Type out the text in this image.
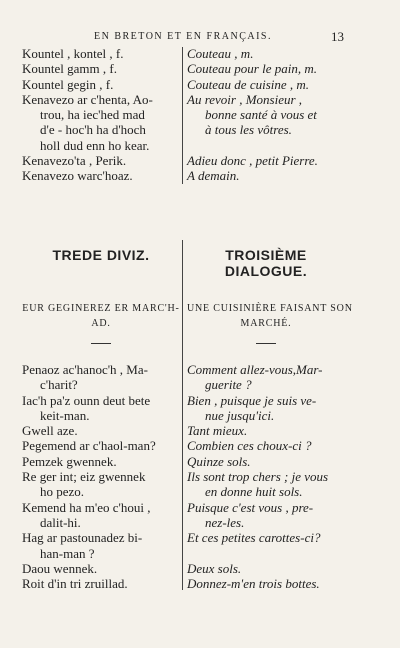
EN BRETON ET EN FRANÇAIS.	13
Kountel , kontel , f.
Kountel gamm , f.
Kountel gegin , f.
Kenavezo ar c'henta, Ao-
trou, ha iec'hed mad
d'e - hoc'h ha d'hoch
holl dud enn ho kear.
Kenavezo'ta , Perik.
Kenavezo warc'hoaz.
Couteau , m.
Couteau pour le pain, m.
Couteau de cuisine , m.
Au revoir , Monsieur ,
bonne santé à vous et
à tous les vôtres.

Adieu donc , petit Pierre.
A demain.
TREDE DIVIZ.	TROISIÈME DIALOGUE.
EUR GEGINEREZ ER MARC'H-
AD.
UNE CUISINIÈRE FAISANT SON
MARCHÉ.
Penaoz ac'hanoc'h , Ma-
c'harit?
Iac'h pa'z ounn deut bete
keit-man.
Gwell aze.
Pegemend ar c'haol-man?
Pemzek gwennek.
Re ger int; eiz gwennek
ho pezo.
Kemend ha m'eo c'houi ,
dalit-hi.
Hag ar pastounadez bi-
han-man ?
Daou wennek.
Roit d'in tri zruillad.
Comment allez-vous,Mar-
guerite ?
Bien , puisque je suis ve-
nue jusqu'ici.
Tant mieux.
Combien ces choux-ci ?
Quinze sols.
Ils sont trop chers ; je vous
en donne huit sols.
Puisque c'est vous , pre-
nez-les.
Et ces petites carottes-ci?

Deux sols.
Donnez-m'en trois bottes.
